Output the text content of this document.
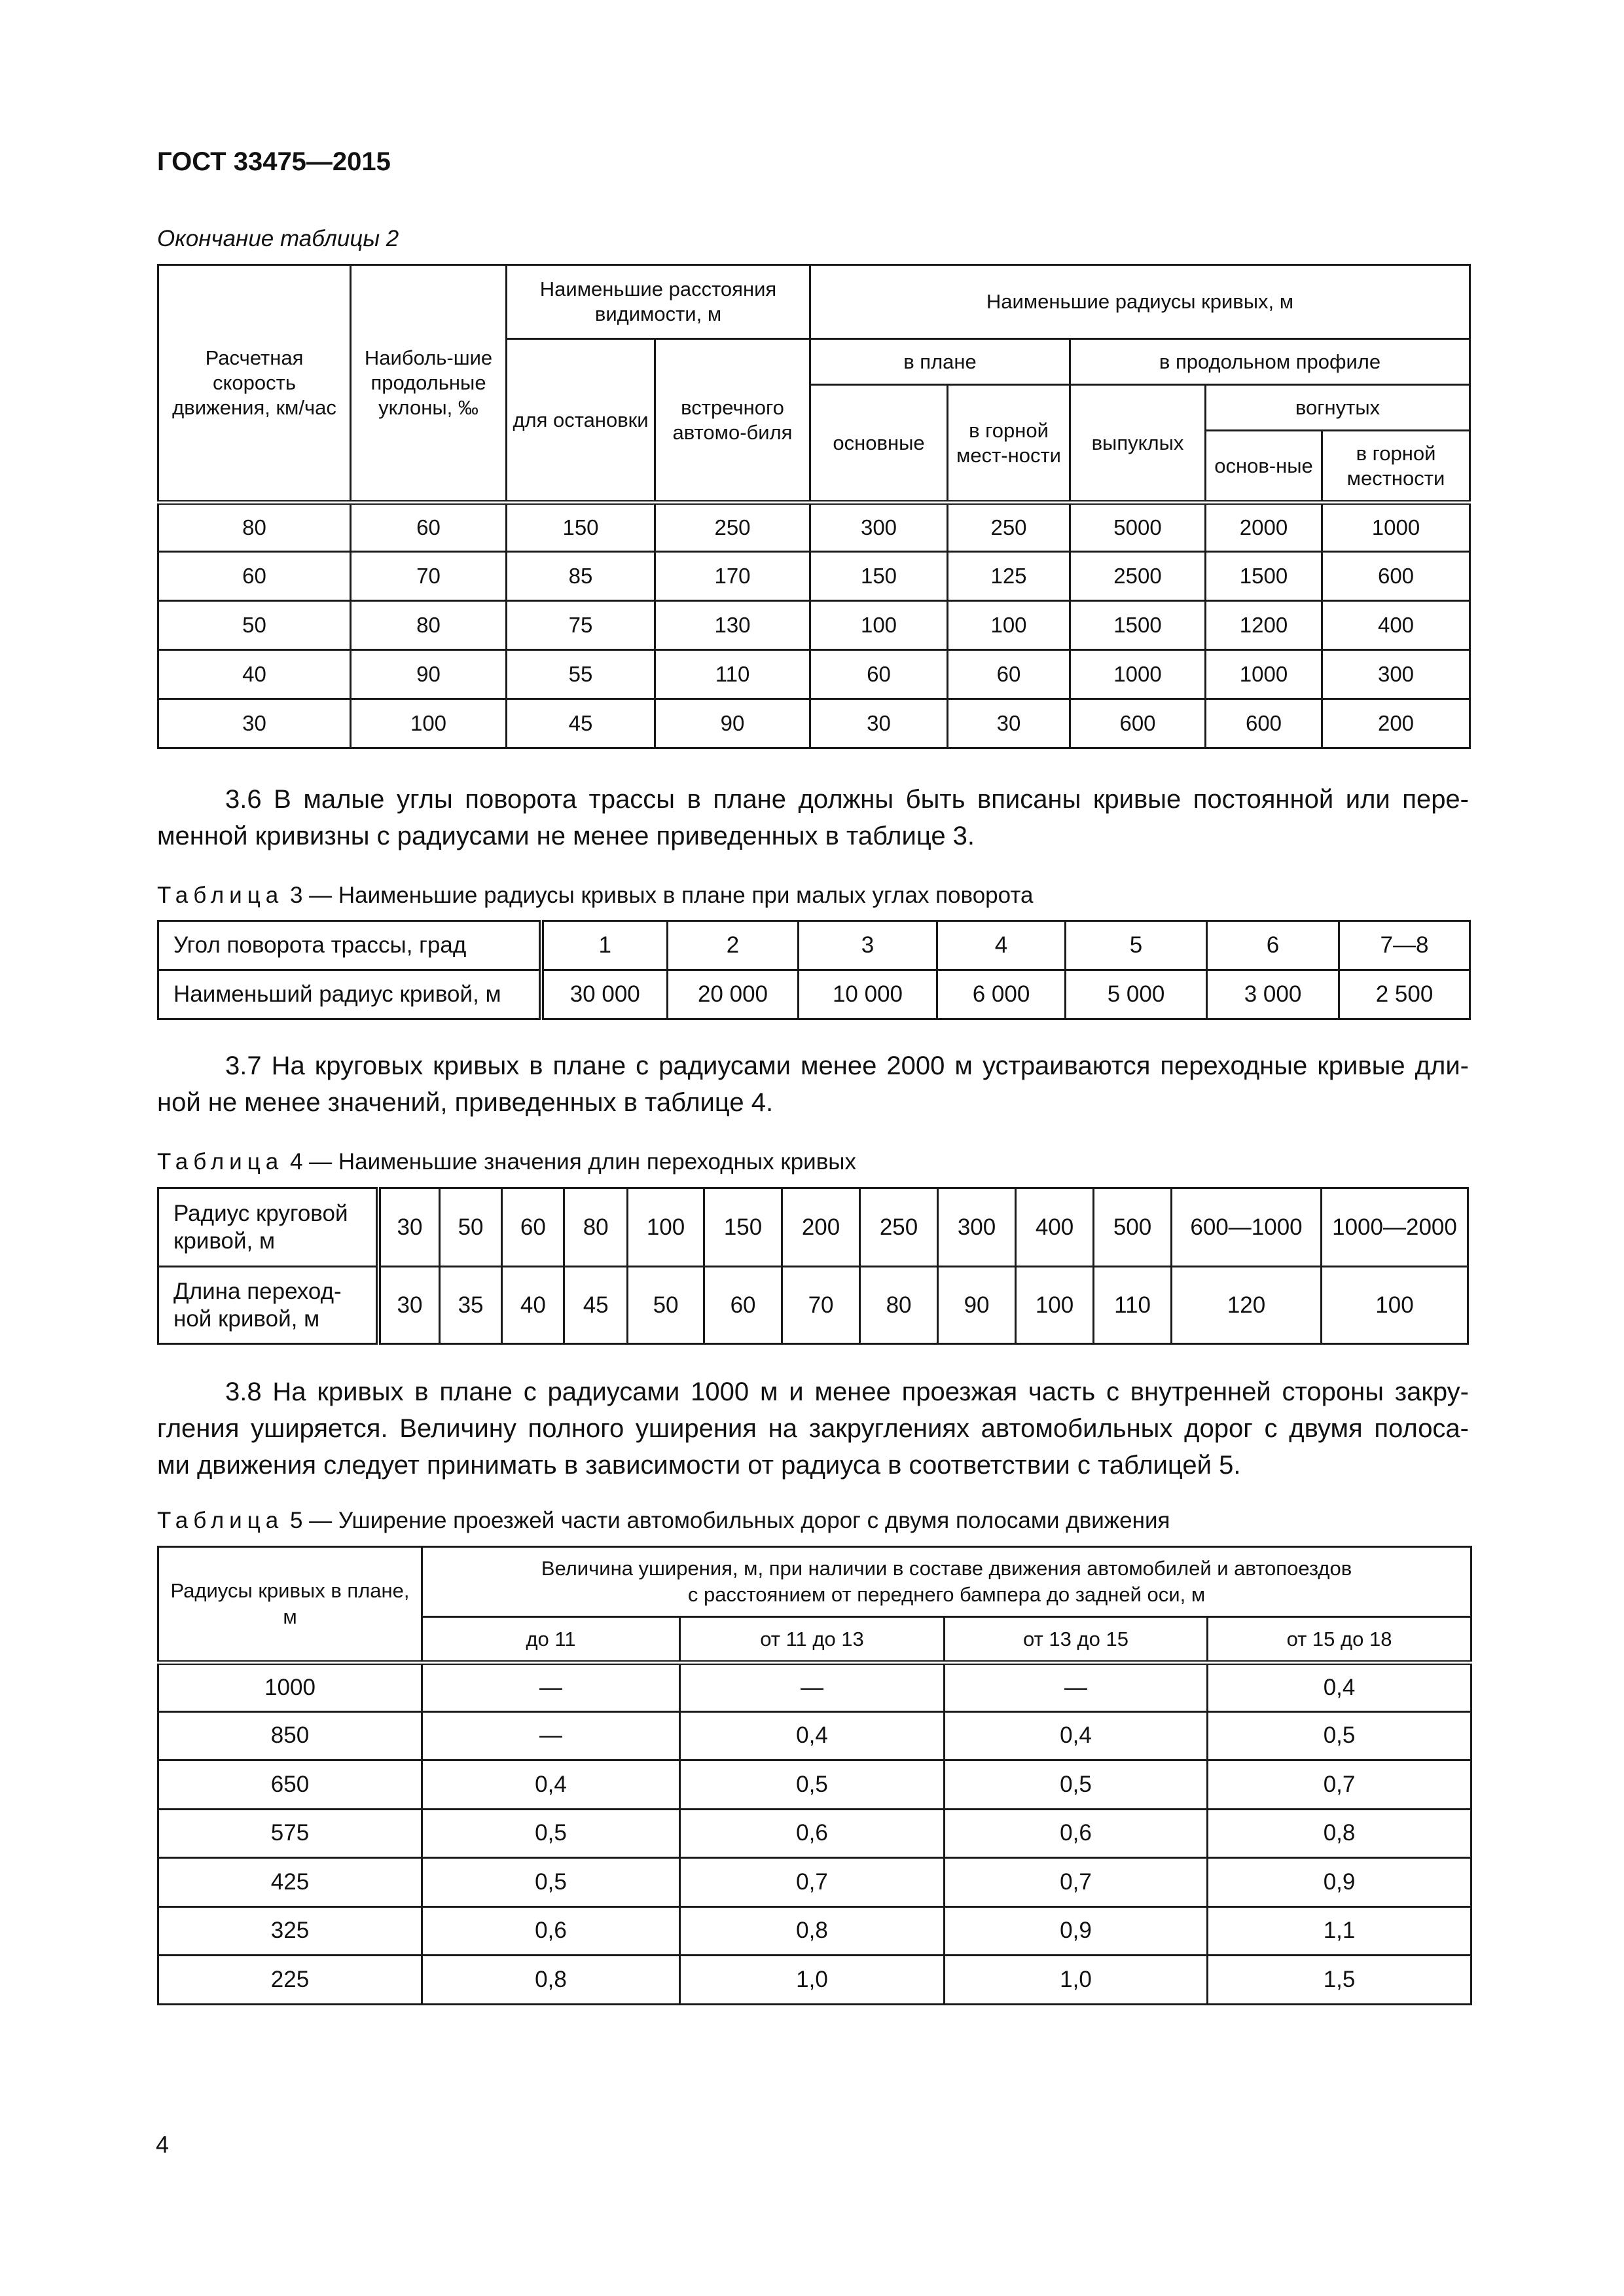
ГОСТ 33475—2015
Окончание таблицы 2
Расчетная скорость движения, км/час	Наиболь-шие продольные уклоны, ‰	Наименьшие расстояния видимости, м		Наименьшие радиусы кривых, м				
		для остановки	встречного автомо-биля	в плане		в продольном профиле		
				основные	в горной мест-ности	выпуклых	вогнутых	
							основ-ные	в горной местности
80	60	150	250	300	250	5000	2000	1000
60	70	85	170	150	125	2500	1500	600
50	80	75	130	100	100	1500	1200	400
40	90	55	110	60	60	1000	1000	300
30	100	45	90	30	30	600	600	200
3.6 В малые углы поворота трассы в плане должны быть вписаны кривые постоянной или пере-
менной кривизны с радиусами не менее приведенных в таблице 3.
Таблица 3 — Наименьшие радиусы кривых в плане при малых углах поворота
Угол поворота трассы, град	1	2	3	4	5	6	7—8
Наименьший радиус кривой, м	30 000	20 000	10 000	6 000	5 000	3 000	2 500
3.7 На круговых кривых в плане с радиусами менее 2000 м устраиваются переходные кривые дли-
ной не менее значений, приведенных в таблице 4.
Таблица 4 — Наименьшие значения длин переходных кривых
Радиус круговой кривой, м	30	50	60	80	100	150	200	250	300	400	500	600—1000	1000—2000
Длина переход-ной кривой, м	30	35	40	45	50	60	70	80	90	100	110	120	100
3.8 На кривых в плане с радиусами 1000 м и менее проезжая часть с внутренней стороны закру-
гления уширяется. Величину полного уширения на закруглениях автомобильных дорог с двумя полоса-
ми движения следует принимать в зависимости от радиуса в соответствии с таблицей 5.
Таблица 5 — Уширение проезжей части автомобильных дорог с двумя полосами движения
Радиусы кривых в плане, м	Величина уширения, м, при наличии в составе движения автомобилей и автопоездов
с расстоянием от переднего бампера до задней оси, м			

	до 11	от 11 до 13	от 13 до 15	от 15 до 18
1000	—	—	—	0,4
850	—	0,4	0,4	0,5
650	0,4	0,5	0,5	0,7
575	0,5	0,6	0,6	0,8
425	0,5	0,7	0,7	0,9
325	0,6	0,8	0,9	1,1
225	0,8	1,0	1,0	1,5
4
